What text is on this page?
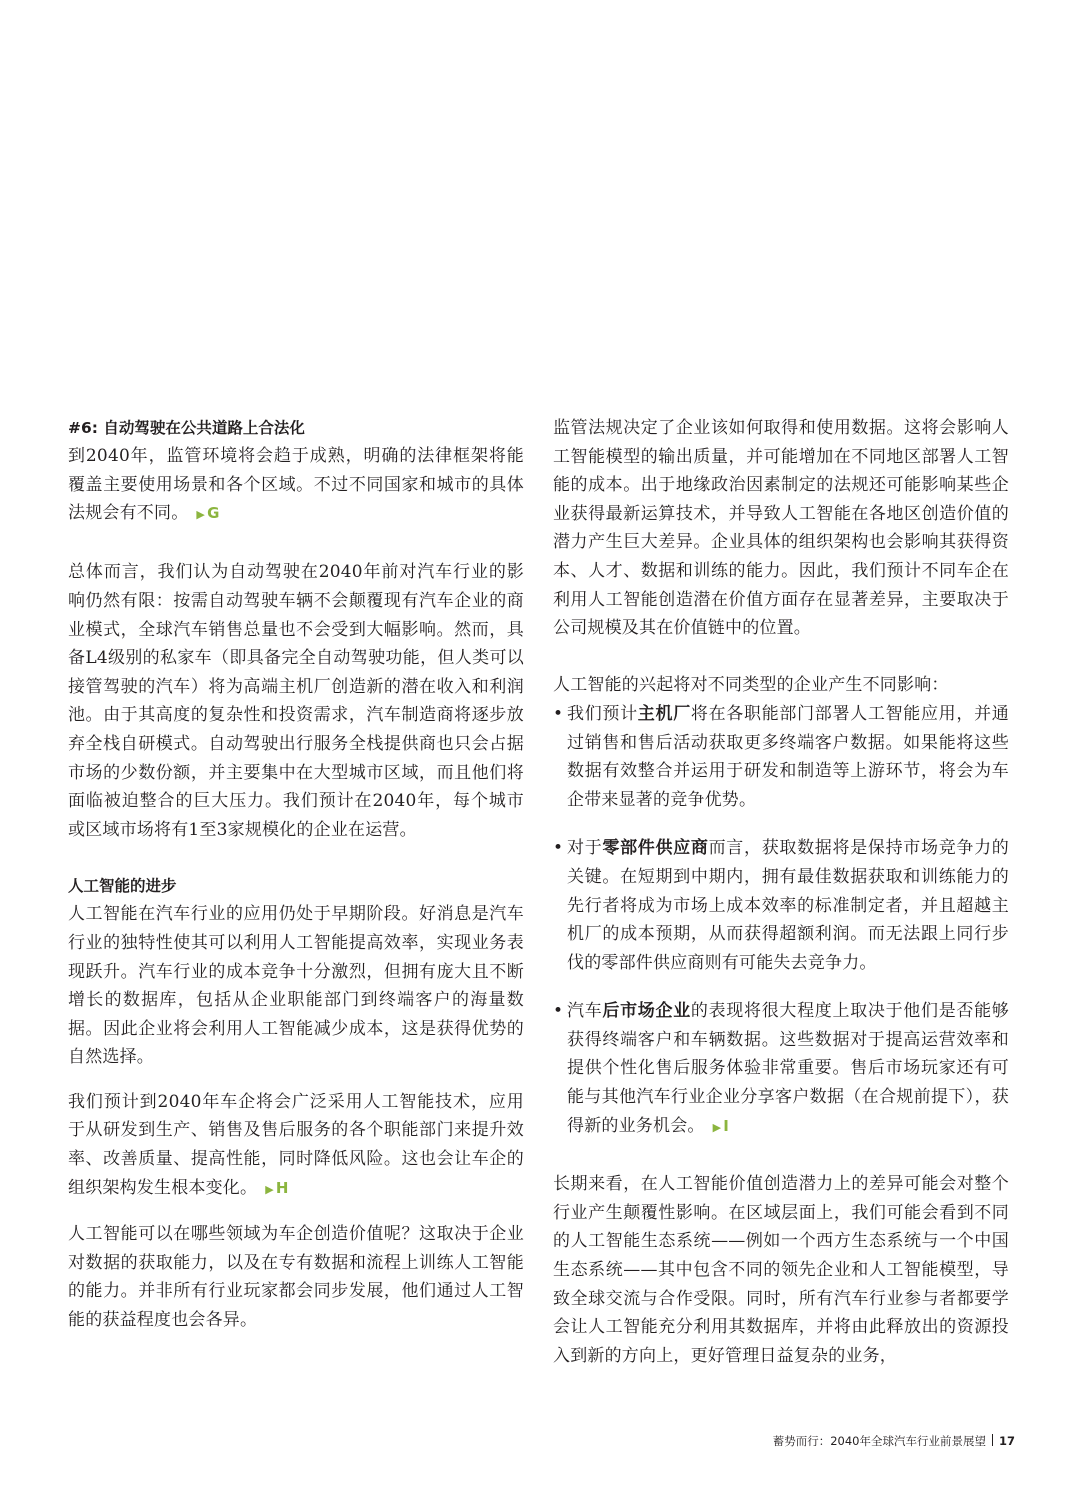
#6: 自动驾驶在公共道路上合法化

到2040年，监管环境将会趋于成熟，明确的法律框架将能覆盖主要使用场景和各个区域。不过不同国家和城市的具体法规会有不同。 ▶ G

总体而言，我们认为自动驾驶在2040年前对汽车行业的影响仍然有限：按需自动驾驶车辆不会颠覆现有汽车企业的商业模式，全球汽车销售总量也不会受到大幅影响。然而，具备L4级别的私家车（即具备完全自动驾驶功能，但人类可以接管驾驶的汽车）将为高端主机厂创造新的潜在收入和利润池。由于其高度的复杂性和投资需求，汽车制造商将逐步放弃全栈自研模式。自动驾驶出行服务全栈提供商也只会占据市场的少数份额，并主要集中在大型城市区域，而且他们将面临被迫整合的巨大压力。我们预计在2040年，每个城市或区域市场将有1至3家规模化的企业在运营。

人工智能的进步

人工智能在汽车行业的应用仍处于早期阶段。好消息是汽车行业的独特性使其可以利用人工智能提高效率，实现业务表现跃升。汽车行业的成本竞争十分激烈，但拥有庞大且不断增长的数据库，包括从企业职能部门到终端客户的海量数据。因此企业将会利用人工智能减少成本，这是获得优势的自然选择。

我们预计到2040年车企将会广泛采用人工智能技术，应用于从研发到生产、销售及售后服务的各个职能部门来提升效率、改善质量、提高性能，同时降低风险。这也会让车企的组织架构发生根本变化。 ▶ H

人工智能可以在哪些领域为车企创造价值呢？这取决于企业对数据的获取能力，以及在专有数据和流程上训练人工智能的能力。并非所有行业玩家都会同步发展，他们通过人工智能的获益程度也会各异。

监管法规决定了企业该如何取得和使用数据。这将会影响人工智能模型的输出质量，并可能增加在不同地区部署人工智能的成本。出于地缘政治因素制定的法规还可能影响某些企业获得最新运算技术，并导致人工智能在各地区创造价值的潜力产生巨大差异。企业具体的组织架构也会影响其获得资本、人才、数据和训练的能力。因此，我们预计不同车企在利用人工智能创造潜在价值方面存在显著差异，主要取决于公司规模及其在价值链中的位置。

人工智能的兴起将对不同类型的企业产生不同影响：

• 我们预计主机厂将在各职能部门部署人工智能应用，并通过销售和售后活动获取更多终端客户数据。如果能将这些数据有效整合并运用于研发和制造等上游环节，将会为车企带来显著的竞争优势。
• 对于零部件供应商而言，获取数据将是保持市场竞争力的关键。在短期到中期内，拥有最佳数据获取和训练能力的先行者将成为市场上成本效率的标准制定者，并且超越主机厂的成本预期，从而获得超额利润。而无法跟上同行步伐的零部件供应商则有可能失去竞争力。
• 汽车后市场企业的表现将很大程度上取决于他们是否能够获得终端客户和车辆数据。这些数据对于提高运营效率和提供个性化售后服务体验非常重要。售后市场玩家还有可能与其他汽车行业企业分享客户数据（在合规前提下），获得新的业务机会。 ▶ I

长期来看，在人工智能价值创造潜力上的差异可能会对整个行业产生颠覆性影响。在区域层面上，我们可能会看到不同的人工智能生态系统——例如一个西方生态系统与一个中国生态系统——其中包含不同的领先企业和人工智能模型，导致全球交流与合作受限。同时，所有汽车行业参与者都要学会让人工智能充分利用其数据库，并将由此释放出的资源投入到新的方向上，更好管理日益复杂的业务，

蓄势而行：2040年全球汽车行业前景展望 17
